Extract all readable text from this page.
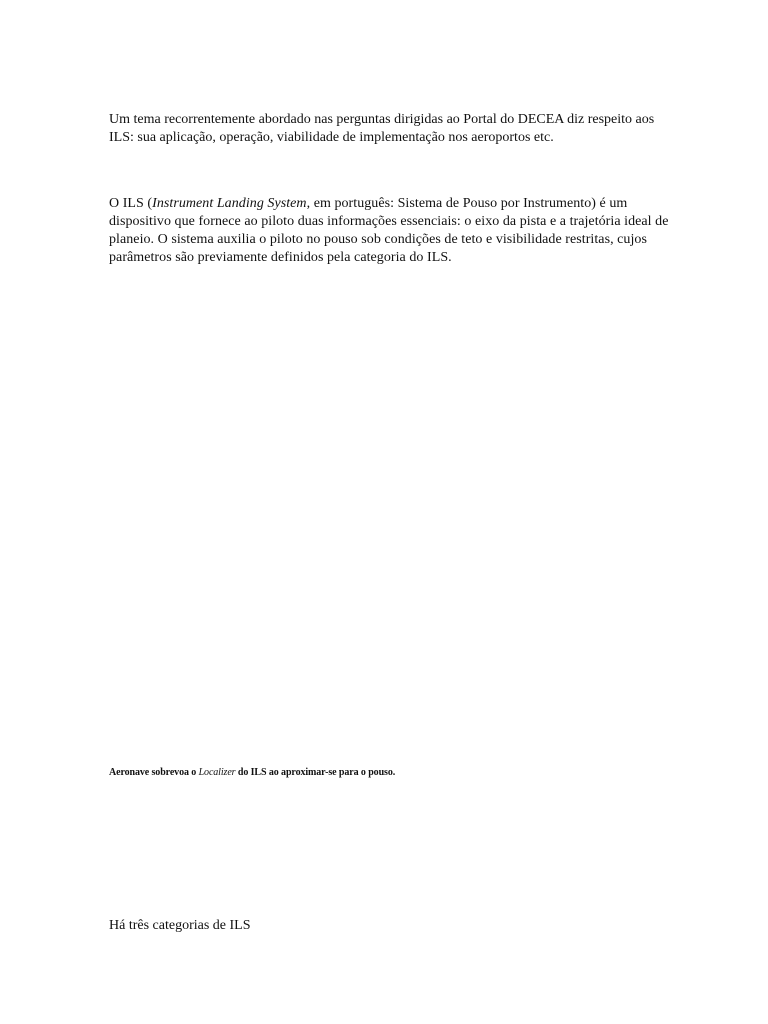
Um tema recorrentemente abordado nas perguntas dirigidas ao Portal do DECEA diz respeito aos ILS: sua aplicação, operação, viabilidade de implementação nos aeroportos etc.

O ILS (Instrument Landing System, em português: Sistema de Pouso por Instrumento) é um dispositivo que fornece ao piloto duas informações essenciais: o eixo da pista e a trajetória ideal de planeio. O sistema auxilia o piloto no pouso sob condições de teto e visibilidade restritas, cujos parâmetros são previamente definidos pela categoria do ILS.

Aeronave sobrevoa o Localizer do ILS ao aproximar-se para o pouso.

Há três categorias de ILS
